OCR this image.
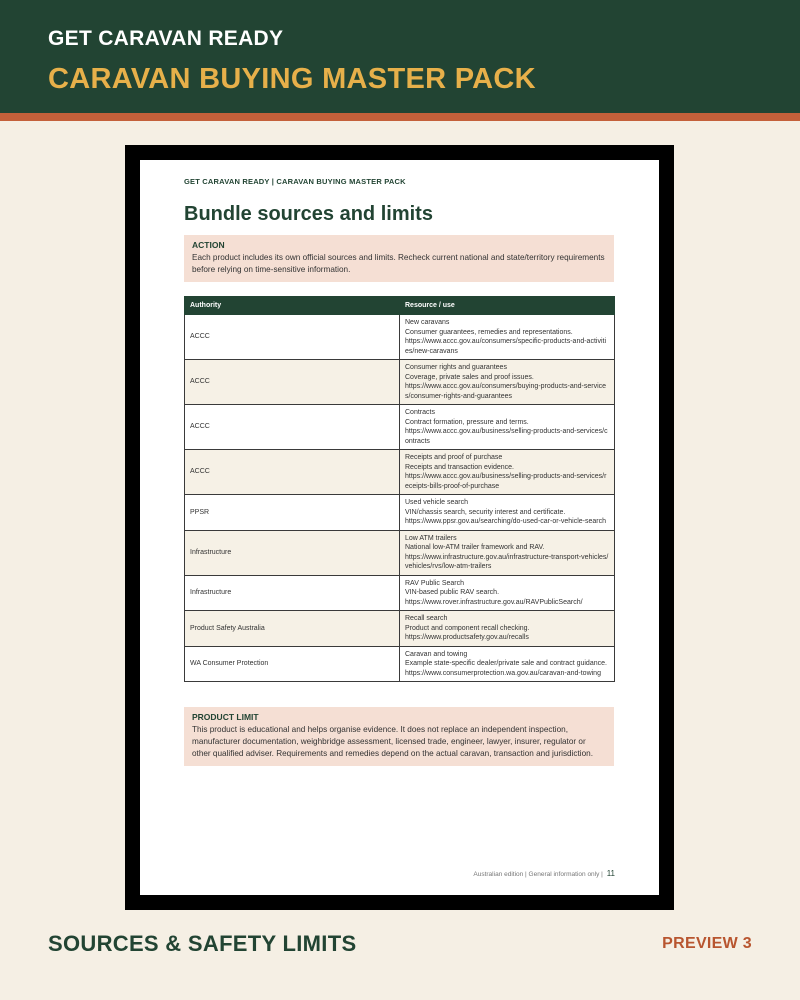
GET CARAVAN READY
CARAVAN BUYING MASTER PACK
GET CARAVAN READY | CARAVAN BUYING MASTER PACK
Bundle sources and limits
ACTION
Each product includes its own official sources and limits. Recheck current national and state/territory requirements before relying on time-sensitive information.
Authority	Resource / use
ACCC	New caravans
Consumer guarantees, remedies and representations.
https://www.accc.gov.au/consumers/specific-products-and-activities/new-caravans

ACCC	Consumer rights and guarantees
Coverage, private sales and proof issues.
https://www.accc.gov.au/consumers/buying-products-and-services/consumer-rights-and-guarantees

ACCC	Contracts
Contract formation, pressure and terms.
https://www.accc.gov.au/business/selling-products-and-services/contracts

ACCC	Receipts and proof of purchase
Receipts and transaction evidence.
https://www.accc.gov.au/business/selling-products-and-services/receipts-bills-proof-of-purchase

PPSR	Used vehicle search
VIN/chassis search, security interest and certificate.
https://www.ppsr.gov.au/searching/do-used-car-or-vehicle-search

Infrastructure	Low ATM trailers
National low-ATM trailer framework and RAV.
https://www.infrastructure.gov.au/infrastructure-transport-vehicles/vehicles/rvs/low-atm-trailers

Infrastructure	RAV Public Search
VIN-based public RAV search.
https://www.rover.infrastructure.gov.au/RAVPublicSearch/

Product Safety Australia	Recall search
Product and component recall checking.
https://www.productsafety.gov.au/recalls

WA Consumer Protection	Caravan and towing
Example state-specific dealer/private sale and contract guidance.
https://www.consumerprotection.wa.gov.au/caravan-and-towing
PRODUCT LIMIT
This product is educational and helps organise evidence. It does not replace an independent inspection, manufacturer documentation, weighbridge assessment, licensed trade, engineer, lawyer, insurer, regulator or other qualified adviser. Requirements and remedies depend on the actual caravan, transaction and jurisdiction.
Australian edition | General information only | 11
SOURCES & SAFETY LIMITS	PREVIEW 3
